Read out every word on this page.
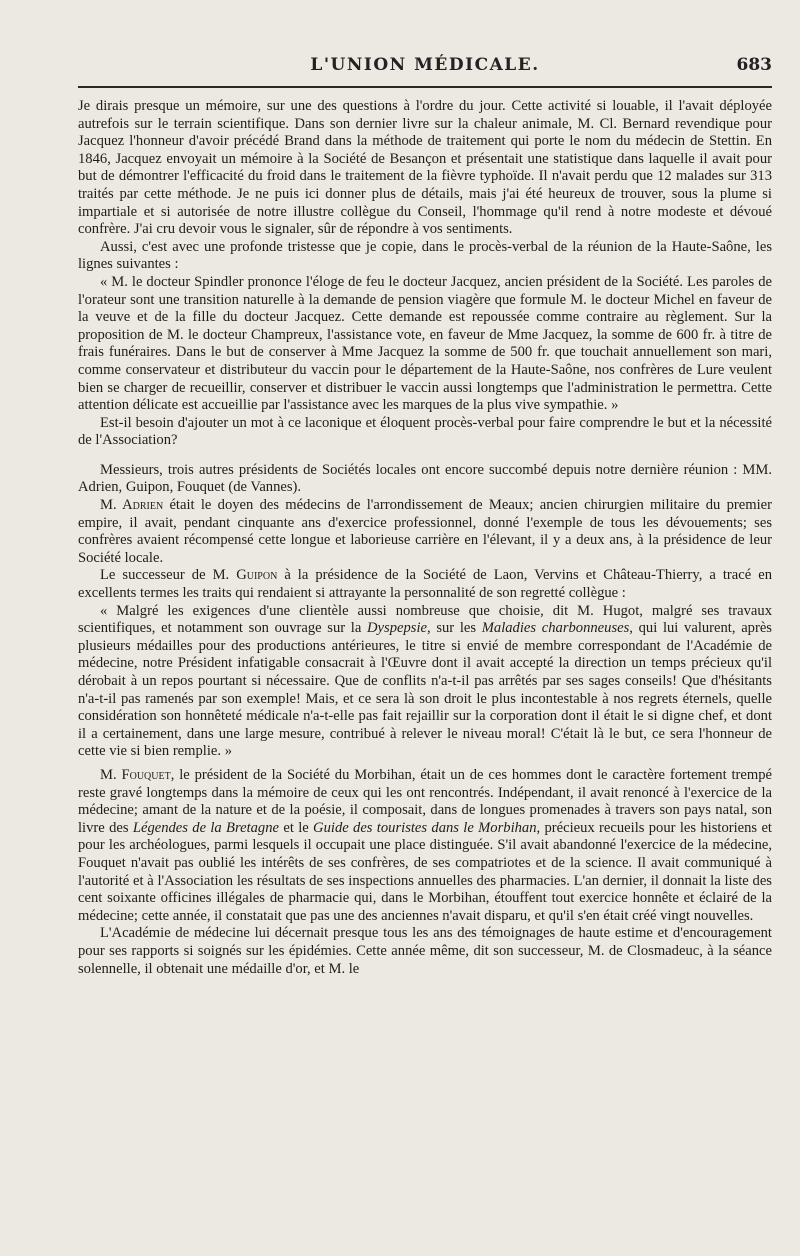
L'UNION MÉDICALE.	683

Je dirais presque un mémoire, sur une des questions à l'ordre du jour. Cette activité si louable, il l'avait déployée autrefois sur le terrain scientifique. Dans son dernier livre sur la chaleur animale, M. Cl. Bernard revendique pour Jacquez l'honneur d'avoir précédé Brand dans la méthode de traitement qui porte le nom du médecin de Stettin. En 1846, Jacquez envoyait un mémoire à la Société de Besançon et présentait une statistique dans laquelle il avait pour but de démontrer l'efficacité du froid dans le traitement de la fièvre typhoïde. Il n'avait perdu que 12 malades sur 313 traités par cette méthode. Je ne puis ici donner plus de détails, mais j'ai été heureux de trouver, sous la plume si impartiale et si autorisée de notre illustre collègue du Conseil, l'hommage qu'il rend à notre modeste et dévoué confrère. J'ai cru devoir vous le signaler, sûr de répondre à vos sentiments.

Aussi, c'est avec une profonde tristesse que je copie, dans le procès-verbal de la réunion de la Haute-Saône, les lignes suivantes :

« M. le docteur Spindler prononce l'éloge de feu le docteur Jacquez, ancien président de la Société. Les paroles de l'orateur sont une transition naturelle à la demande de pension viagère que formule M. le docteur Michel en faveur de la veuve et de la fille du docteur Jacquez. Cette demande est repoussée comme contraire au règlement. Sur la proposition de M. le docteur Champreux, l'assistance vote, en faveur de Mme Jacquez, la somme de 600 fr. à titre de frais funéraires. Dans le but de conserver à Mme Jacquez la somme de 500 fr. que touchait annuellement son mari, comme conservateur et distributeur du vaccin pour le département de la Haute-Saône, nos confrères de Lure veulent bien se charger de recueillir, conserver et distribuer le vaccin aussi longtemps que l'administration le permettra. Cette attention délicate est accueillie par l'assistance avec les marques de la plus vive sympathie. »

Est-il besoin d'ajouter un mot à ce laconique et éloquent procès-verbal pour faire comprendre le but et la nécessité de l'Association?

Messieurs, trois autres présidents de Sociétés locales ont encore succombé depuis notre dernière réunion : MM. Adrien, Guipon, Fouquet (de Vannes).

M. Adrien était le doyen des médecins de l'arrondissement de Meaux; ancien chirurgien militaire du premier empire, il avait, pendant cinquante ans d'exercice professionnel, donné l'exemple de tous les dévouements; ses confrères avaient récompensé cette longue et laborieuse carrière en l'élevant, il y a deux ans, à la présidence de leur Société locale.

Le successeur de M. Guipon à la présidence de la Société de Laon, Vervins et Château-Thierry, a tracé en excellents termes les traits qui rendaient si attrayante la personnalité de son regretté collègue :

« Malgré les exigences d'une clientèle aussi nombreuse que choisie, dit M. Hugot, malgré ses travaux scientifiques, et notamment son ouvrage sur la Dyspepsie, sur les Maladies charbonneuses, qui lui valurent, après plusieurs médailles pour des productions antérieures, le titre si envié de membre correspondant de l'Académie de médecine, notre Président infatigable consacrait à l'Œuvre dont il avait accepté la direction un temps précieux qu'il dérobait à un repos pourtant si nécessaire. Que de conflits n'a-t-il pas arrêtés par ses sages conseils! Que d'hésitants n'a-t-il pas ramenés par son exemple! Mais, et ce sera là son droit le plus incontestable à nos regrets éternels, quelle considération son honnêteté médicale n'a-t-elle pas fait rejaillir sur la corporation dont il était le si digne chef, et dont il a certainement, dans une large mesure, contribué à relever le niveau moral! C'était là le but, ce sera l'honneur de cette vie si bien remplie. »

M. Fouquet, le président de la Société du Morbihan, était un de ces hommes dont le caractère fortement trempé reste gravé longtemps dans la mémoire de ceux qui les ont rencontrés. Indépendant, il avait renoncé à l'exercice de la médecine; amant de la nature et de la poésie, il composait, dans de longues promenades à travers son pays natal, son livre des Légendes de la Bretagne et le Guide des touristes dans le Morbihan, précieux recueils pour les historiens et pour les archéologues, parmi lesquels il occupait une place distinguée. S'il avait abandonné l'exercice de la médecine, Fouquet n'avait pas oublié les intérêts de ses confrères, de ses compatriotes et de la science. Il avait communiqué à l'autorité et à l'Association les résultats de ses inspections annuelles des pharmacies. L'an dernier, il donnait la liste des cent soixante officines illégales de pharmacie qui, dans le Morbihan, étouffent tout exercice honnête et éclairé de la médecine; cette année, il constatait que pas une des anciennes n'avait disparu, et qu'il s'en était créé vingt nouvelles.

L'Académie de médecine lui décernait presque tous les ans des témoignages de haute estime et d'encouragement pour ses rapports si soignés sur les épidémies. Cette année même, dit son successeur, M. de Closmadeuc, à la séance solennelle, il obtenait une médaille d'or, et M. le
